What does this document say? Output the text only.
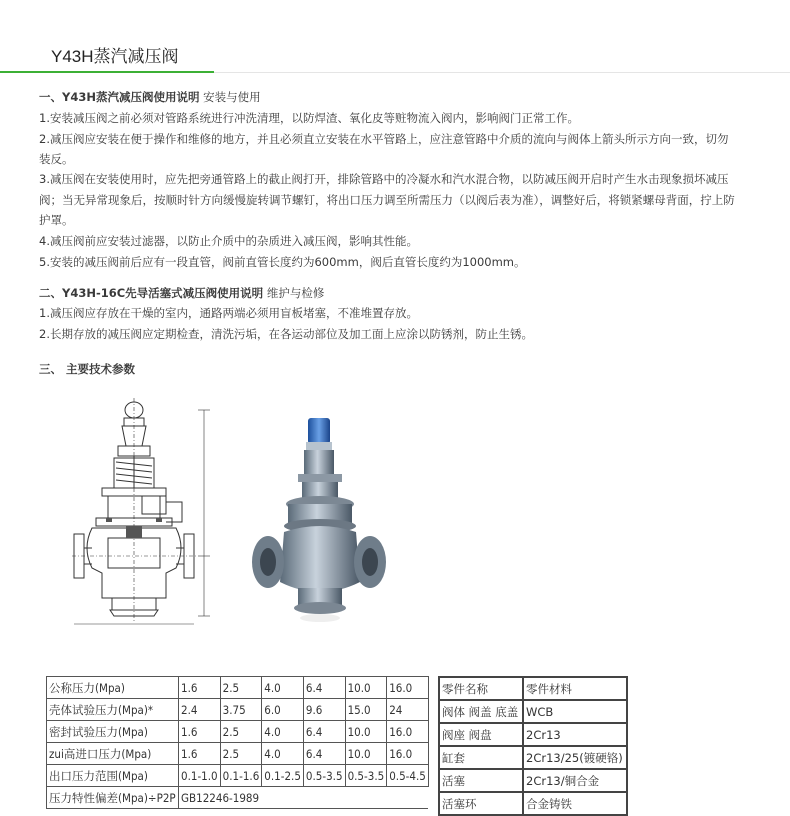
Y43H蒸汽减压阀
一、Y43H蒸汽减压阀使用说明 安装与使用
1.安装减压阀之前必须对管路系统进行冲洗清理，以防焊渣、氧化皮等赃物流入阀内，影响阀门正常工作。
2.减压阀应安装在便于操作和维修的地方，并且必须直立安装在水平管路上，应注意管路中介质的流向与阀体上箭头所示方向一致，切勿
装反。
3.减压阀在安装使用时，应先把旁通管路上的截止阀打开，排除管路中的冷凝水和汽水混合物，以防减压阀开启时产生水击现象损坏减压
阀；当无异常现象后，按顺时针方向缓慢旋转调节螺钉，将出口压力调至所需压力（以阀后表为准），调整好后，将锁紧螺母背面，拧上防
护罩。
4.减压阀前应安装过滤器，以防止介质中的杂质进入减压阀，影响其性能。
5.安装的减压阀前后应有一段直管，阀前直管长度约为600mm，阀后直管长度约为1000mm。
二、Y43H-16C先导活塞式减压阀使用说明 维护与检修
1.减压阀应存放在干燥的室内，通路两端必须用盲板堵塞，不准堆置存放。
2.长期存放的减压阀应定期检查，清洗污垢，在各运动部位及加工面上应涂以防锈剂，防止生锈。
三、 主要技术参数
公称压力(Mpa)	1.6	2.5	4.0	6.4	10.0	16.0
壳体试验压力(Mpa)*	2.4	3.75	6.0	9.6	15.0	24
密封试验压力(Mpa)	1.6	2.5	4.0	6.4	10.0	16.0
zui高进口压力(Mpa)	1.6	2.5	4.0	6.4	10.0	16.0
出口压力范围(Mpa)	0.1-1.0	0.1-1.6	0.1-2.5	0.5-3.5	0.5-3.5	0.5-4.5
压力特性偏差(Mpa)÷P2P	GB12246-1989					
零件名称	零件材料
阀体 阀盖 底盖	WCB
阀座 阀盘	2Cr13
缸套	2Cr13/25(镀硬铬)
活塞	2Cr13/铜合金
活塞环	合金铸铁
